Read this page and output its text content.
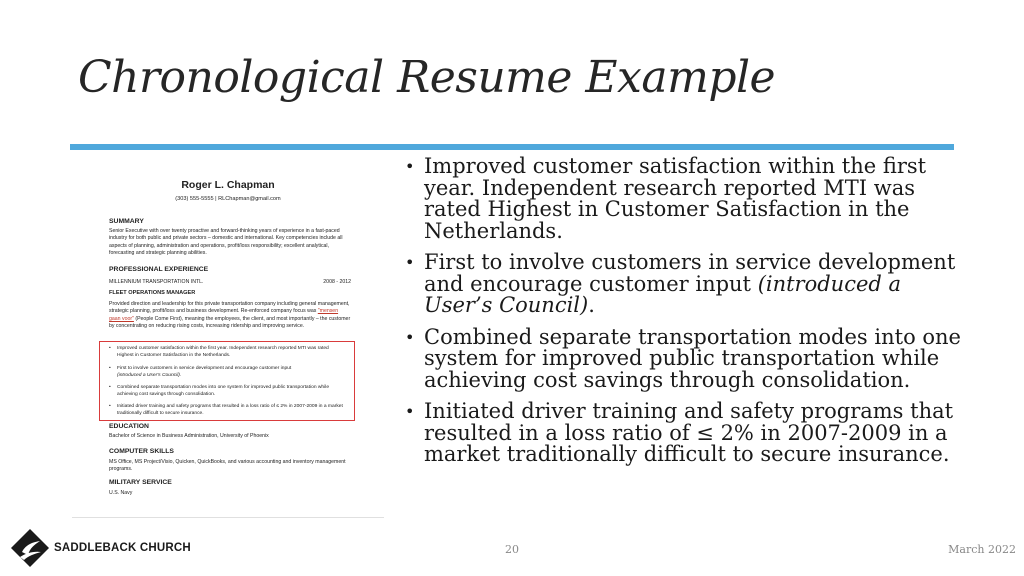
Chronological Resume Example
Roger L. Chapman
(303) 555-5555 | RLChapman@gmail.com
SUMMARY
Senior Executive with over twenty proactive and forward-thinking years of experience in a fast-paced industry for both public and private sectors – domestic and international. Key competencies include all aspects of planning, administration and operations, profit/loss responsibility; excellent analytical, forecasting and strategic planning abilities.
PROFESSIONAL EXPERIENCE
MILLENNIUM TRANSPORTATION INTL.	2008 - 2012
FLEET OPERATIONS MANAGER
Provided direction and leadership for this private transportation company including general management, strategic planning, profit/loss and business development. Re-enforced company focus was "mensen gaan voor" (People Come First), meaning the employees, the client, and most importantly – the customer by concentrating on reducing rising costs, increasing ridership and improving service.
• Improved customer satisfaction within the first year. Independent research reported MTI was rated Highest in Customer Satisfaction in the Netherlands.
• First to involve customers in service development and encourage customer input
(introduced a User's Council).
• Combined separate transportation modes into one system for improved public transportation while achieving cost savings through consolidation.
• Initiated driver training and safety programs that resulted in a loss ratio of ≤ 2% in 2007-2009 in a market traditionally difficult to secure insurance.
EDUCATION
Bachelor of Science in Business Administration, University of Phoenix
COMPUTER SKILLS
MS Office, MS Project/Visio, Quicken, QuickBooks, and various accounting and inventory management programs.
MILITARY SERVICE
U.S. Navy
• Improved customer satisfaction within the first year. Independent research reported MTI was rated Highest in Customer Satisfaction in the Netherlands.
• First to involve customers in service development and encourage customer input (introduced a User’s Council).
• Combined separate transportation modes into one system for improved public transportation while achieving cost savings through consolidation.
• Initiated driver training and safety programs that resulted in a loss ratio of ≤ 2% in 2007-2009 in a market traditionally difficult to secure insurance.
SADDLEBACK CHURCH	20	March 2022
